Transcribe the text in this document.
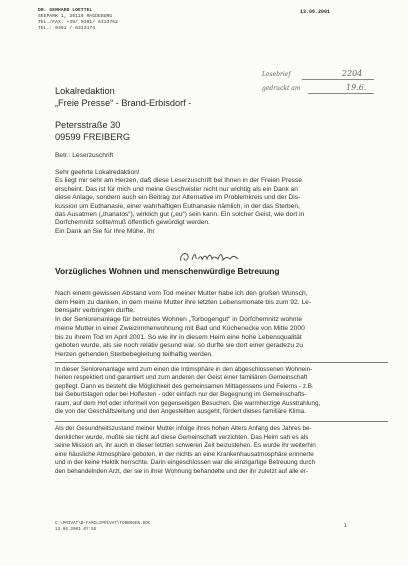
DR. GERHARD LOETTEL
SEEPARK 1, 39116 MAGDEBURG
TEL./FAX: +49/ 0391/ 6313752
TEL.: 0391 / 6313174
13.06.2001
Lesebrief
gedruckt am
2204
19.6.
Lokalredaktion
„Freie Presse“ - Brand-Erbisdorf -
Petersstraße 30
09599 FREIBERG
Betr.: Leserzuschrift
Sehr geehrte Lokalredaktion!
Es liegt mir sehr am Herzen, daß diese Leserzuschrift bei Ihnen in der Freien Presse
erscheint. Das ist für mich und meine Geschwister nicht nur wichtig als ein Dank an
diese Anlage, sondern auch ein Beitrag zur Alternative im Problemkreis und der Dis-
kussion um Euthanasie, einer wahrhaftigen Euthanasie nämlich, in der das Sterben,
das Ausatmen („thanatos“), wirklich gut („eu“) sein kann. Ein solcher Geist, wie dort in
Dorfchemnitz sollte/muß öffentlich gewürdigt werden.
Ein Dank an Sie für Ihre Mühe, Ihr
Vorzügliches Wohnen und menschenwürdige Betreuung
Nach einem gewissen Abstand vom Tod meiner Mutter habe ich den großen Wunsch,
dem Heim zu danken, in dem meine Mutter ihre letzten Lebensmonate bis zum 92. Le-
bensjahr verbringen durfte.
In der Seniorenanlage für betreutes Wohnen „Torbogengut“ in Dorfchemnitz wohnte
meine Mutter in einer Zweizimmerwohnung mit Bad und Küchenecke von Mitte 2000
bis zu ihrem Tod im April 2001. So wie ihr in diesem Heim eine hohe Lebensqualität
geboten wurde, als sie noch relativ gesund war, so durfte sie dort einer geradezu zu
Herzen gehenden Sterbebegleitung teilhaftig werden.
In dieser Seniorenanlage wird zum einen die Intimsphäre in den abgeschlossenen Wohnein-
heiten respektiert und garantiert und zum anderen der Geist einer familiären Gemeinschaft
gepflegt. Dann es besteht die Möglichkeit des gemeinsamen Mittagessens und Feierns - z.B.
bei Geburtstagen oder bei Hoffesten - oder einfach nur der Begegnung im Gemeinschafts-
raum, auf dem Hof oder informell von gegenseitigen Besuchen. Die warmherzige Ausstrahlung,
die von der Geschäftsleitung und den Angestellten ausgeht, fördert dieses familiäre Klima.
Als der Gesundheitszustand meiner Mutter infolge ihres hohen Alters Anfang des Jahres be-
denklicher wurde, mußte sie nicht auf diese Gemeinschaft verzichten. Das Heim sah es als
seine Mission an, ihr auch in dieser letzten schweren Zeit beizustehen. Es wurde ihr weiterhin
eine häusliche Atmosphäre geboten, in der nichts an eine Krankenhausatmosphäre erinnerte
und in der keine Hektik herrschte. Darin eingeschlossen war die einzigartige Betreuung durch
den behandelnden Arzt, der sie in ihrer Wohnung behandelte und der ihr zuletzt auf alle er-
C:\PRIVAT\B-FAMILIPRIVAT\TORBOGEN.DOC
13.06.2001 07:55	1
